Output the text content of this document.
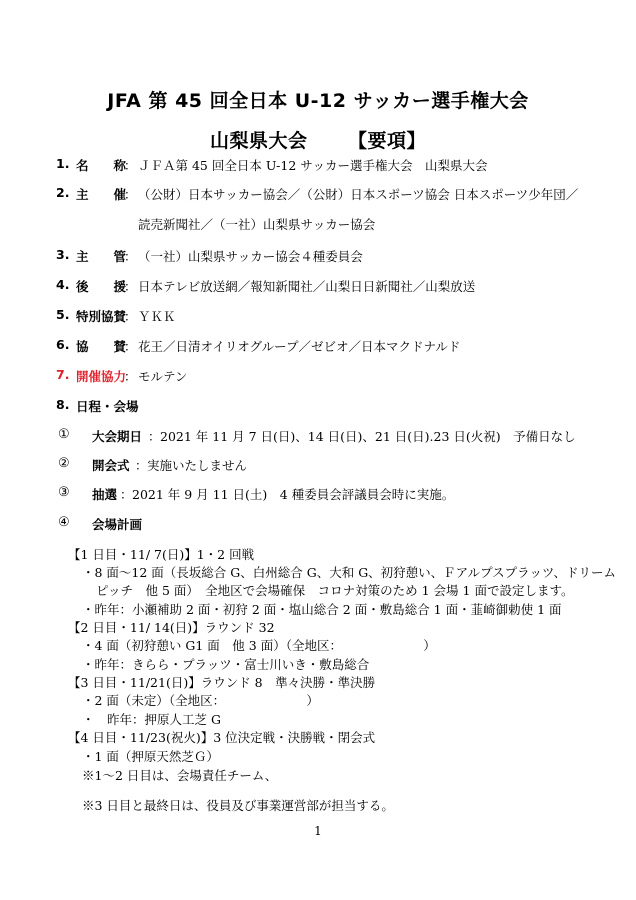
JFA 第 45 回全日本 U-12 サッカー選手権大会
山梨県大会 【要項】
1. 名　　称
： ＪＦＡ第 45 回全日本 U-12 サッカー選手権大会　山梨県大会
2. 主　　催
： （公財）日本サッカー協会／（公財）日本スポーツ協会 日本スポーツ少年団／
読売新聞社／（一社）山梨県サッカー協会
3. 主　　管
： （一社）山梨県サッカー協会４種委員会
4. 後　　援
： 日本テレビ放送網／報知新聞社／山梨日日新聞社／山梨放送
5. 特別協賛
： ＹＫＫ
6. 協　　賛
： 花王／日清オイリオグループ／ゼビオ／日本マクドナルド
7. 開催協力
： モルテン
8. 日程・会場
① 大会期日 ： 2021 年 11 月 7 日(日)、14 日(日)、21 日(日).23 日(火祝)　予備日なし
② 開会式 ： 実施いたしません
③ 抽選 ： 2021 年 9 月 11 日(土)　4 種委員会評議員会時に実施。
④ 会場計画
【1 日目・11/ 7(日)】1・2 回戦
・8 面～12 面（長坂総合 G、白州総合 G、大和 G、初狩憩い、Ｆアルプスプラッツ、ドリーム
ピッチ　他 5 面）　全地区で会場確保　コロナ対策のため 1 会場 1 面で設定します。
・昨年：小瀬補助 2 面・初狩 2 面・塩山総合 2 面・敷島総合 1 面・韮崎御勅使 1 面
【2 日目・11/ 14(日)】ラウンド 32
・4 面（初狩憩い G1 面　他 3 面）（全地区：　　　　　　　）
・昨年：きらら・プラッツ・富士川いき・敷島総合
【3 日目・11/21(日)】ラウンド 8　準々決勝・準決勝
・2 面（未定）（全地区：　　　　　　　）
・　昨年：押原人工芝 G
【4 日目・11/23(祝火)】3 位決定戦・決勝戦・閉会式
・1 面（押原天然芝Ｇ）
※1～2 日目は、会場責任チーム、
※3 日目と最終日は、役員及び事業運営部が担当する。
1
